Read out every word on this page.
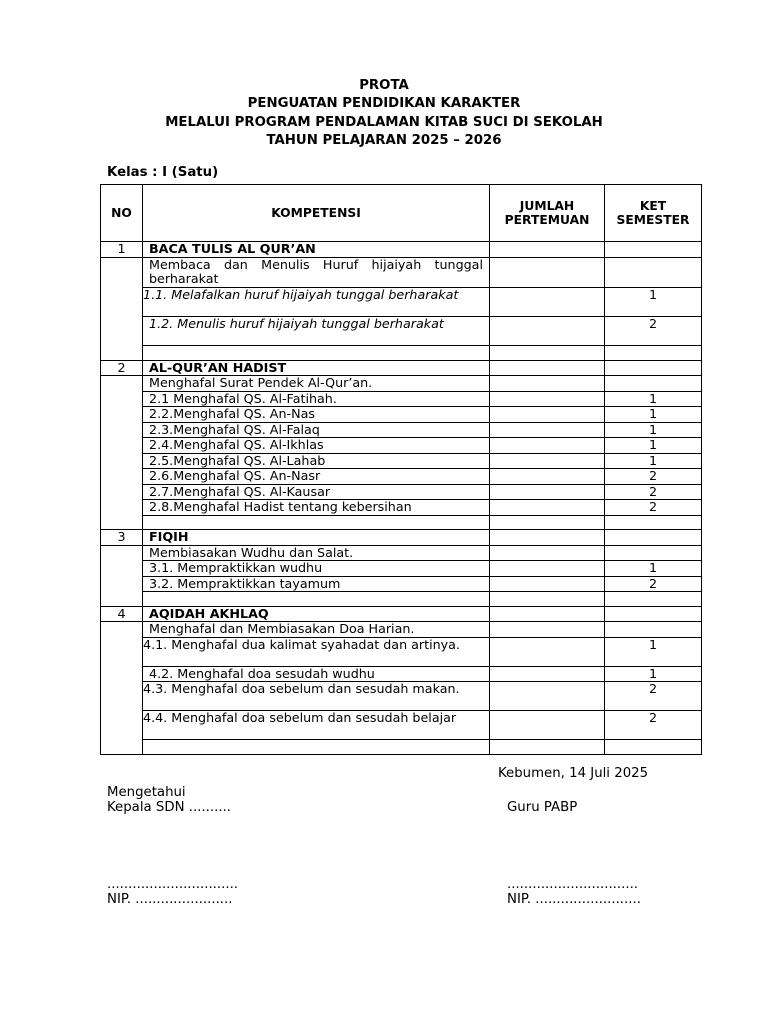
PROTA
PENGUATAN PENDIDIKAN KARAKTER
MELALUI PROGRAM PENDALAMAN KITAB SUCI DI SEKOLAH
TAHUN PELAJARAN 2025 – 2026
Kelas : I (Satu)
NO	KOMPETENSI	JUMLAH PERTEMUAN	KET SEMESTER
1	BACA TULIS AL QUR’AN		
	Membaca dan Menulis Huruf hijaiyah tunggal berharakat		
	1.1. Melafalkan huruf hijaiyah tunggal berharakat		1
	1.2. Menulis huruf hijaiyah tunggal berharakat		2

2	AL-QUR’AN HADIST		
	Menghafal Surat Pendek Al-Qur’an.		
	2.1 Menghafal QS. Al-Fatihah.		1
	2.2.Menghafal QS. An-Nas		1
	2.3.Menghafal QS. Al-Falaq		1
	2.4.Menghafal QS. Al-Ikhlas		1
	2.5.Menghafal QS. Al-Lahab		1
	2.6.Menghafal QS. An-Nasr		2
	2.7.Menghafal QS. Al-Kausar		2
	2.8.Menghafal Hadist tentang kebersihan		2

3	FIQIH		
	Membiasakan Wudhu dan Salat.		
	3.1. Mempraktikkan wudhu		1
	3.2. Mempraktikkan tayamum		2

4	AQIDAH AKHLAQ		
	Menghafal dan Membiasakan Doa Harian.		
	4.1. Menghafal dua kalimat syahadat dan artinya.		1
	4.2. Menghafal doa sesudah wudhu		1
	4.3. Menghafal doa sebelum dan sesudah makan.		2
	4.4. Menghafal doa sebelum dan sesudah belajar		2

Kebumen, 14 Juli 2025
Mengetahui
Kepala SDN ..........	Guru PABP
...............................	...............................
NIP. .......................	NIP. .........................
